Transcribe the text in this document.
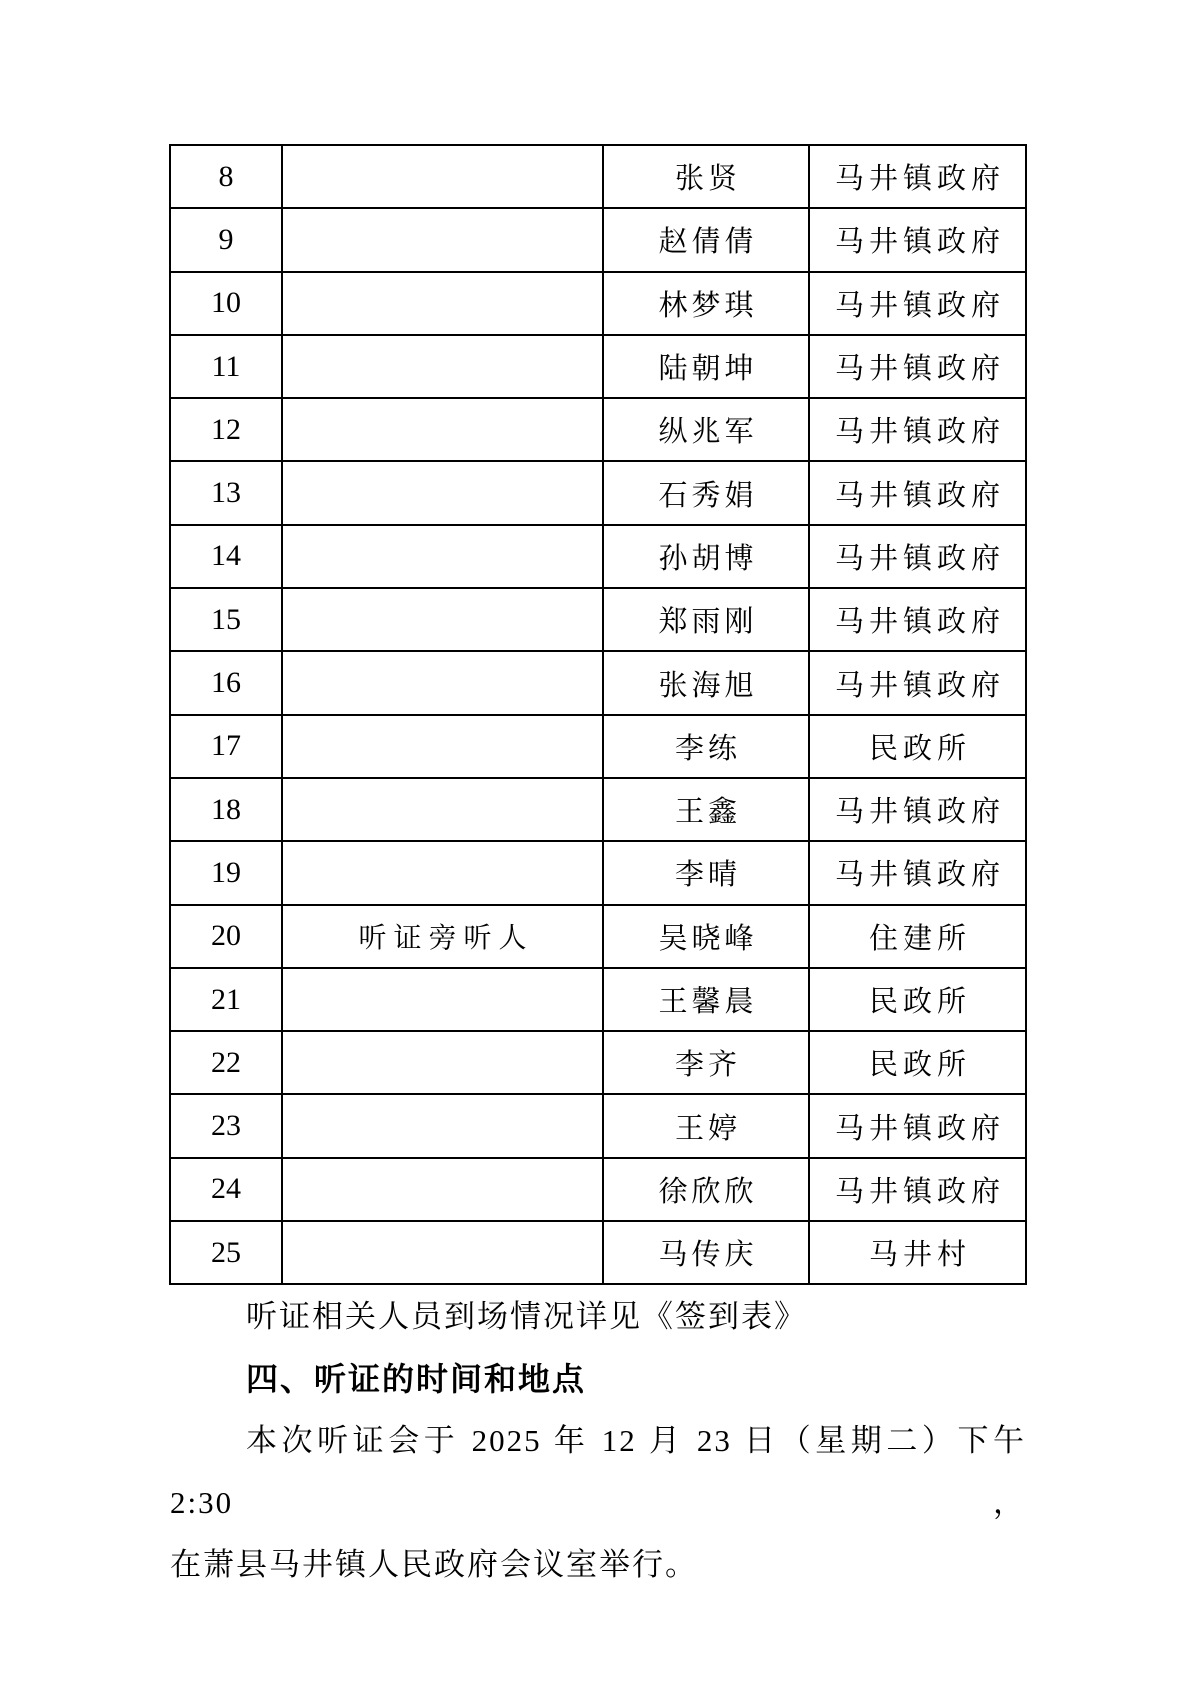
8		张贤	马井镇政府
9		赵倩倩	马井镇政府
10		林梦琪	马井镇政府
11		陆朝坤	马井镇政府
12		纵兆军	马井镇政府
13		石秀娟	马井镇政府
14		孙胡博	马井镇政府
15		郑雨刚	马井镇政府
16		张海旭	马井镇政府
17		李练	民政所
18		王鑫	马井镇政府
19		李晴	马井镇政府
20	听证旁听人	吴晓峰	住建所
21		王馨晨	民政所
22		李齐	民政所
23		王婷	马井镇政府
24		徐欣欣	马井镇政府
25		马传庆	马井村
听证相关人员到场情况详见《签到表》
四、听证的时间和地点
本次听证会于 2025 年 12 月 23 日（星期二）下午 2:30，
在萧县马井镇人民政府会议室举行。
